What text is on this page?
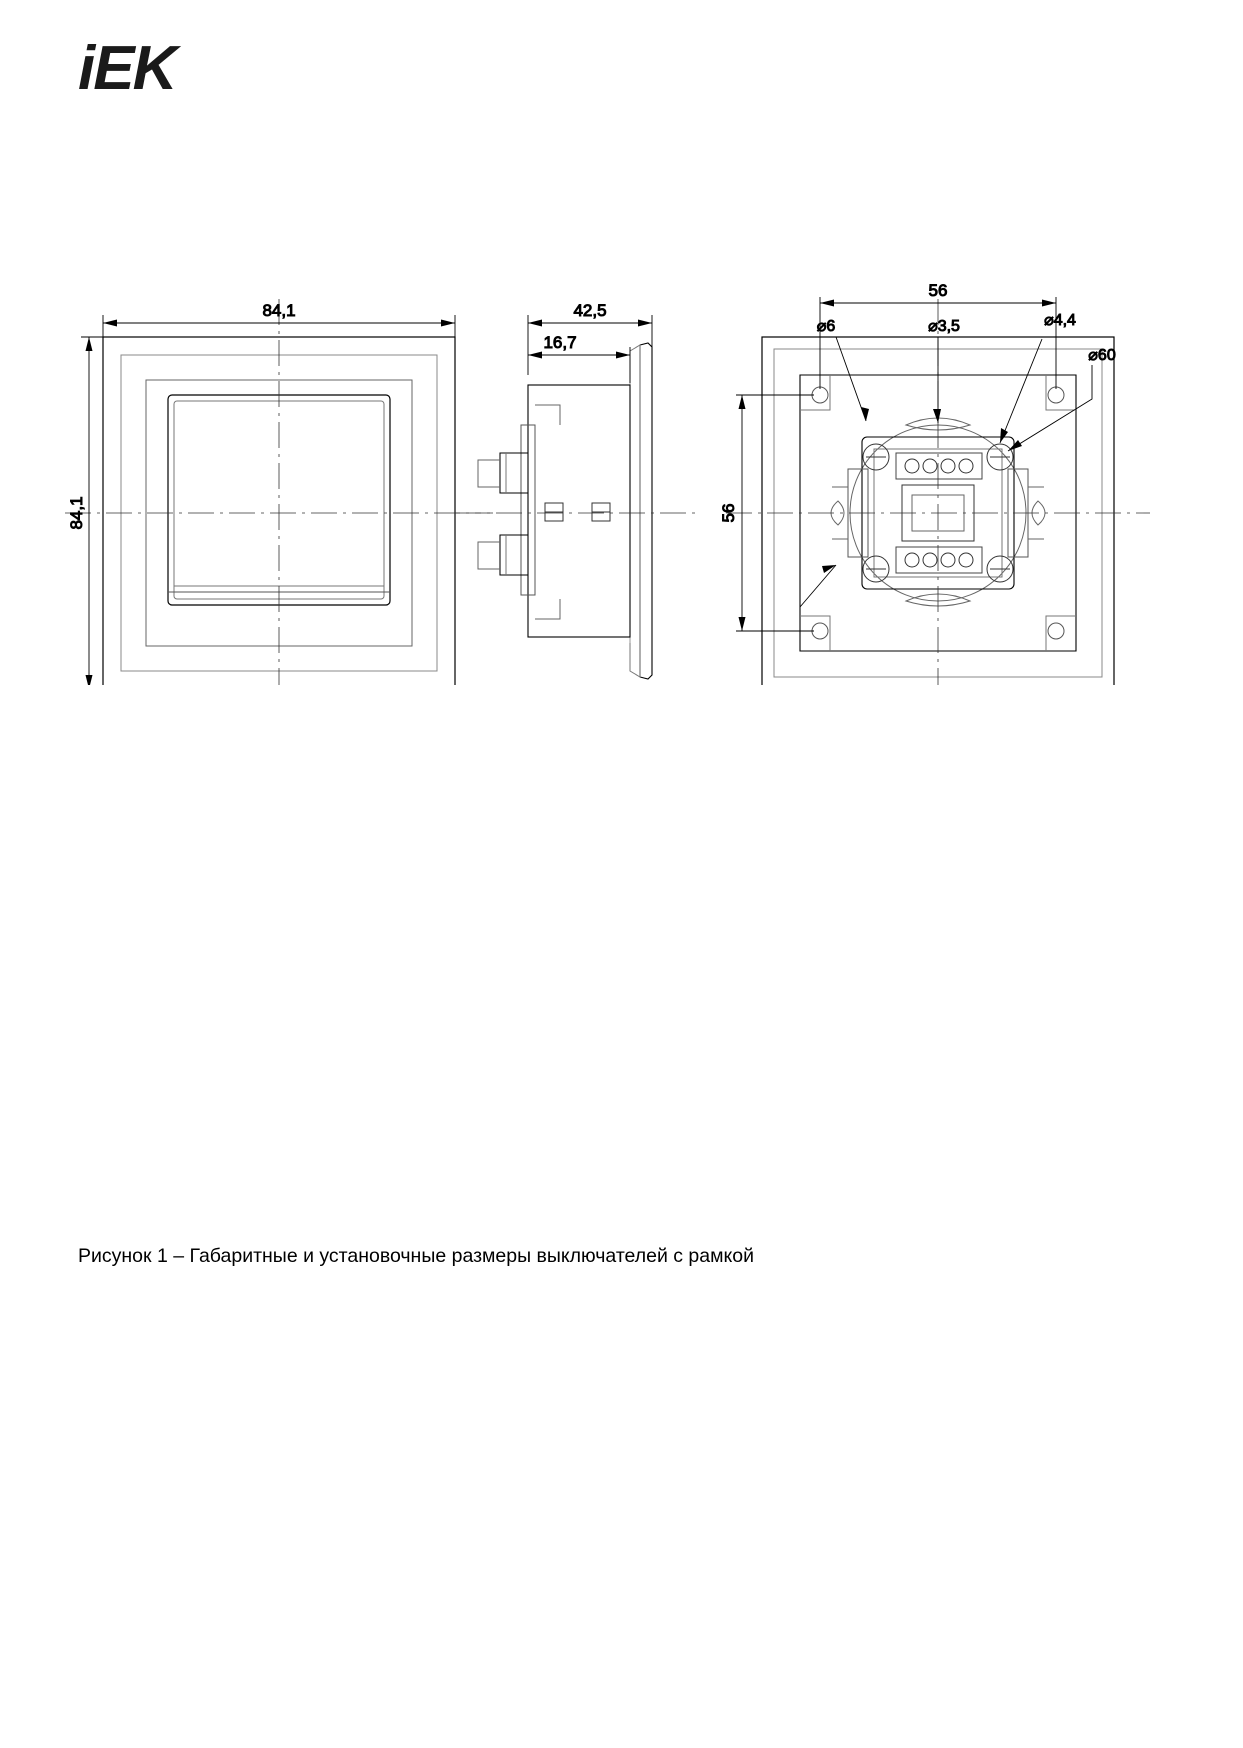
iEK
84,1
84,1
42,5
16,7
56
56
⌀6	⌀3,5	⌀4,4
⌀60
Рисунок 1 – Габаритные и установочные размеры выключателей с рамкой
